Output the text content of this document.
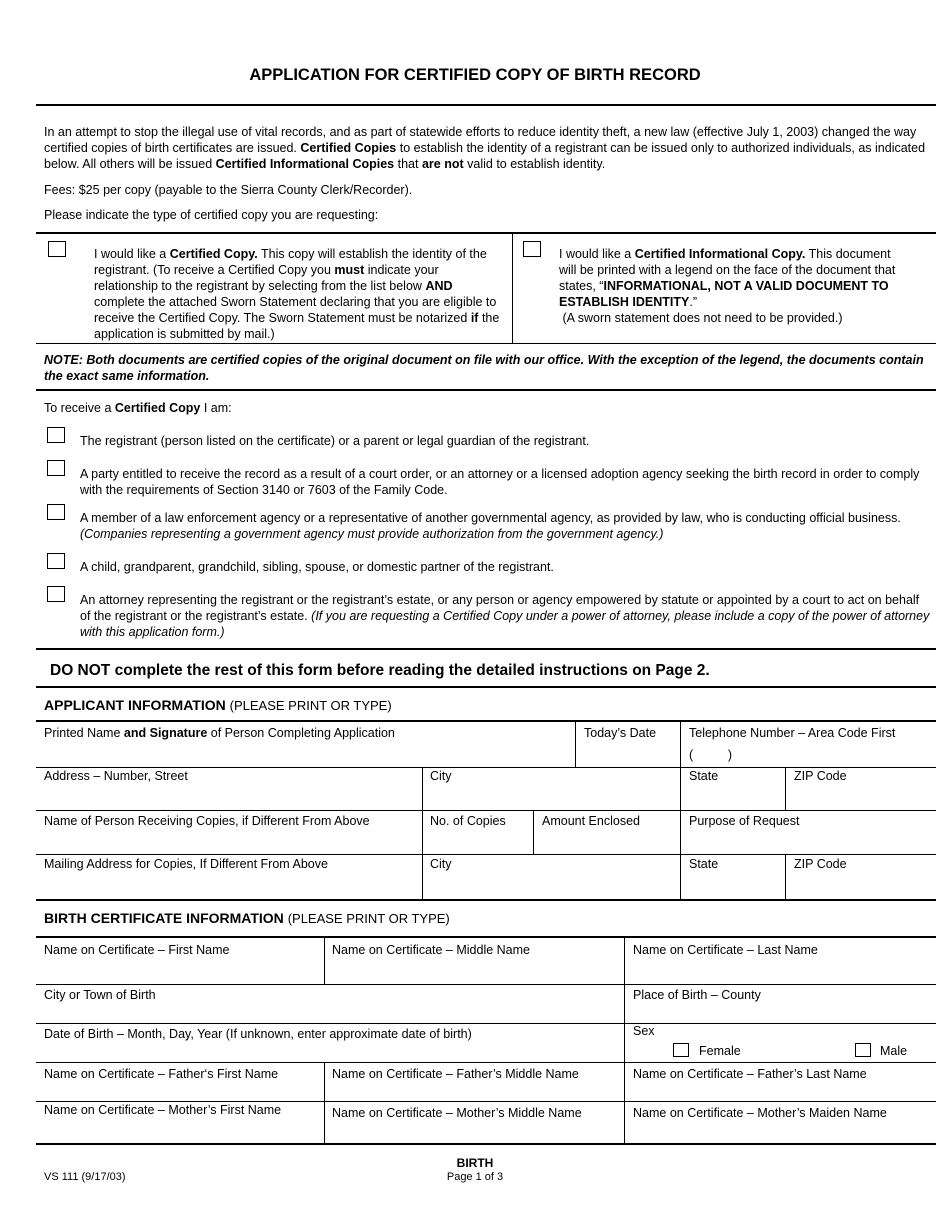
APPLICATION FOR CERTIFIED COPY OF BIRTH RECORD
In an attempt to stop the illegal use of vital records, and as part of statewide efforts to reduce identity theft, a new law (effective July 1, 2003) changed the way certified copies of birth certificates are issued. Certified Copies to establish the identity of a registrant can be issued only to authorized individuals, as indicated below. All others will be issued Certified Informational Copies that are not valid to establish identity.
Fees: $25 per copy (payable to the Sierra County Clerk/Recorder).
Please indicate the type of certified copy you are requesting:
I would like a Certified Copy. This copy will establish the identity of the registrant. (To receive a Certified Copy you must indicate your relationship to the registrant by selecting from the list below AND complete the attached Sworn Statement declaring that you are eligible to receive the Certified Copy. The Sworn Statement must be notarized if the application is submitted by mail.)
I would like a Certified Informational Copy. This document will be printed with a legend on the face of the document that states, “INFORMATIONAL, NOT A VALID DOCUMENT TO ESTABLISH IDENTITY.”
(A sworn statement does not need to be provided.)
NOTE: Both documents are certified copies of the original document on file with our office. With the exception of the legend, the documents contain the exact same information.
To receive a Certified Copy I am:
The registrant (person listed on the certificate) or a parent or legal guardian of the registrant.
A party entitled to receive the record as a result of a court order, or an attorney or a licensed adoption agency seeking the birth record in order to comply with the requirements of Section 3140 or 7603 of the Family Code.
A member of a law enforcement agency or a representative of another governmental agency, as provided by law, who is conducting official business. (Companies representing a government agency must provide authorization from the government agency.)
A child, grandparent, grandchild, sibling, spouse, or domestic partner of the registrant.
An attorney representing the registrant or the registrant’s estate, or any person or agency empowered by statute or appointed by a court to act on behalf of the registrant or the registrant’s estate. (If you are requesting a Certified Copy under a power of attorney, please include a copy of the power of attorney with this application form.)
DO NOT complete the rest of this form before reading the detailed instructions on Page 2.
APPLICANT INFORMATION (PLEASE PRINT OR TYPE)
Printed Name and Signature of Person Completing Application	Today’s Date	Telephone Number – Area Code First
(          )
Address – Number, Street	City	State	ZIP Code
Name of Person Receiving Copies, if Different From Above	No. of Copies	Amount Enclosed	Purpose of Request
Mailing Address for Copies, If Different From Above	City	State	ZIP Code
BIRTH CERTIFICATE INFORMATION (PLEASE PRINT OR TYPE)
Name on Certificate – First Name	Name on Certificate – Middle Name	Name on Certificate – Last Name
City or Town of Birth	Place of Birth – County
Date of Birth – Month, Day, Year (If unknown, enter approximate date of birth)	Sex
Female	Male
Name on Certificate – Father‘s First Name	Name on Certificate – Father’s Middle Name	Name on Certificate – Father’s Last Name
Name on Certificate – Mother’s First Name	Name on Certificate – Mother’s Middle Name	Name on Certificate – Mother’s Maiden Name
VS 111 (9/17/03)
BIRTH
Page 1 of 3
